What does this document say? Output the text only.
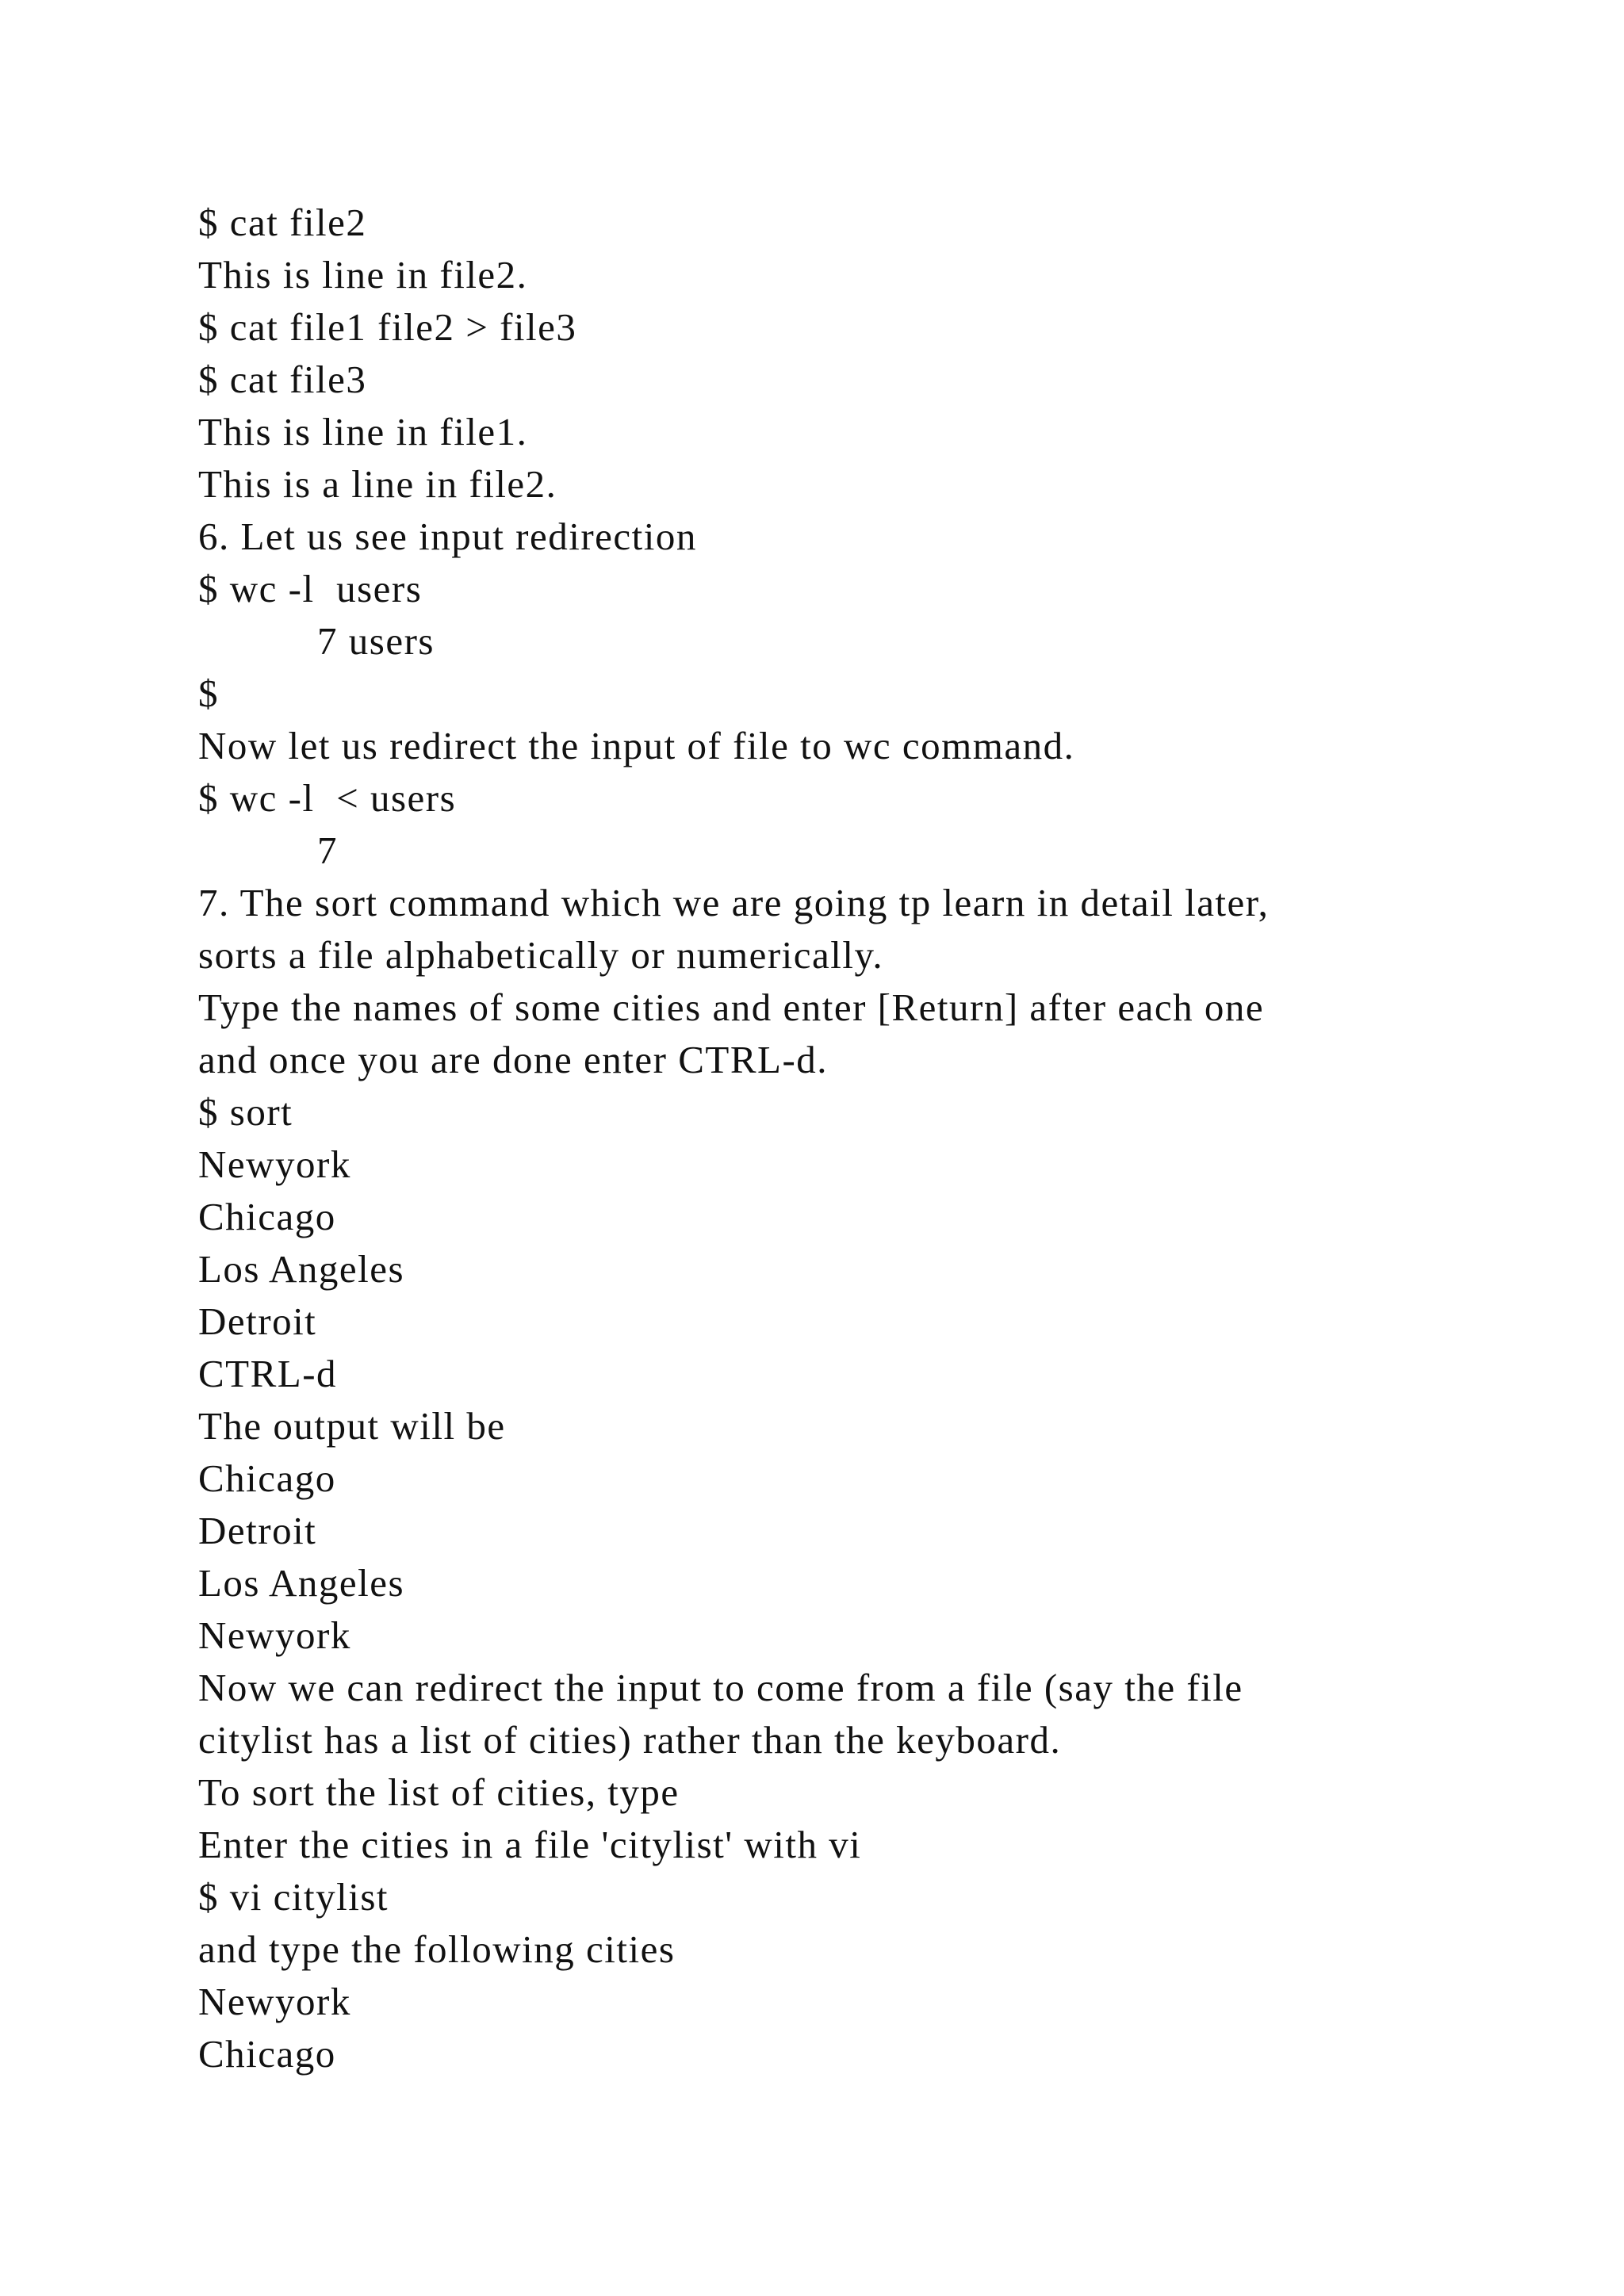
$ cat file2
This is line in file2.
$ cat file1 file2 > file3
$ cat file3
This is line in file1.
This is a line in file2.
6. Let us see input redirection
$ wc -l  users
7 users
$
Now let us redirect the input of file to wc command.
$ wc -l  < users
7
7. The sort command which we are going tp learn in detail later,
sorts a file alphabetically or numerically.
Type the names of some cities and enter [Return] after each one
and once you are done enter CTRL-d.
$ sort
Newyork
Chicago
Los Angeles
Detroit
CTRL-d
The output will be
Chicago
Detroit
Los Angeles
Newyork
Now we can redirect the input to come from a file (say the file
citylist has a list of cities) rather than the keyboard.
To sort the list of cities, type
Enter the cities in a file 'citylist' with vi
$ vi citylist
and type the following cities
Newyork
Chicago
